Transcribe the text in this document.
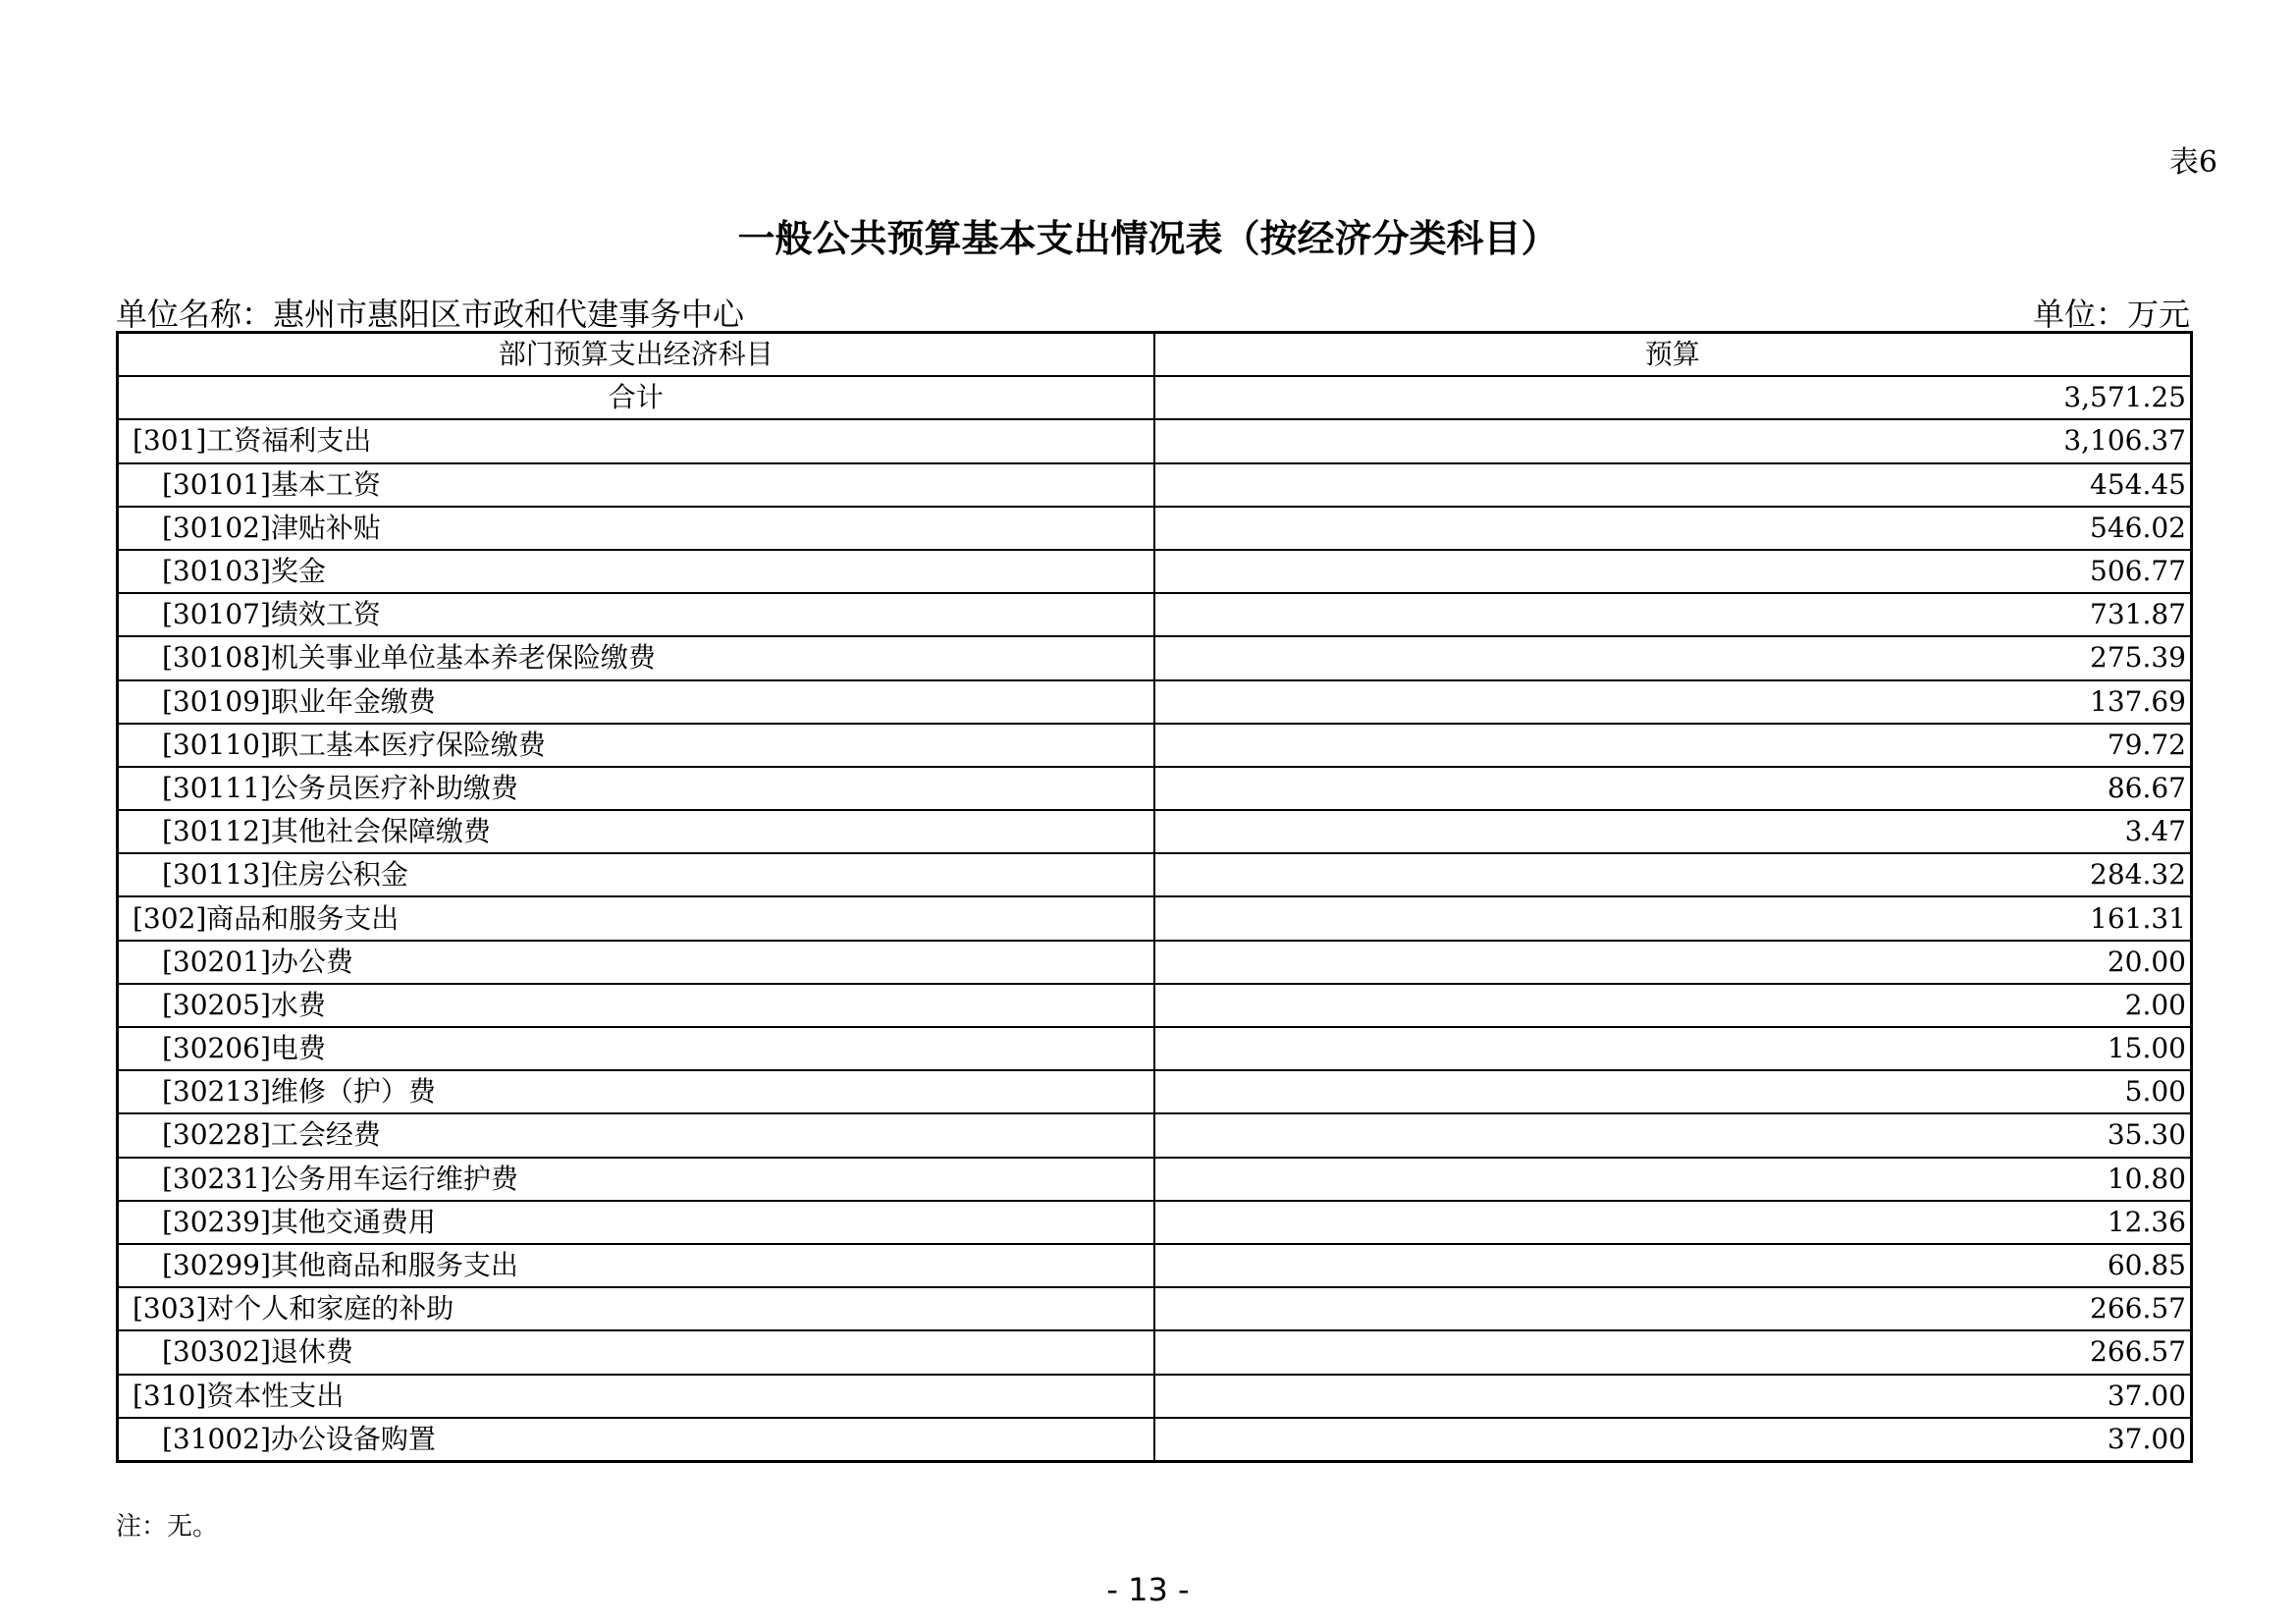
表6
一般公共预算基本支出情况表（按经济分类科目）
单位名称：惠州市惠阳区市政和代建事务中心	单位：万元
部门预算支出经济科目	预算
合计	3,571.25
[301]工资福利支出	3,106.37
[30101]基本工资	454.45
[30102]津贴补贴	546.02
[30103]奖金	506.77
[30107]绩效工资	731.87
[30108]机关事业单位基本养老保险缴费	275.39
[30109]职业年金缴费	137.69
[30110]职工基本医疗保险缴费	79.72
[30111]公务员医疗补助缴费	86.67
[30112]其他社会保障缴费	3.47
[30113]住房公积金	284.32
[302]商品和服务支出	161.31
[30201]办公费	20.00
[30205]水费	2.00
[30206]电费	15.00
[30213]维修（护）费	5.00
[30228]工会经费	35.30
[30231]公务用车运行维护费	10.80
[30239]其他交通费用	12.36
[30299]其他商品和服务支出	60.85
[303]对个人和家庭的补助	266.57
[30302]退休费	266.57
[310]资本性支出	37.00
[31002]办公设备购置	37.00
注：无。
- 13 -
